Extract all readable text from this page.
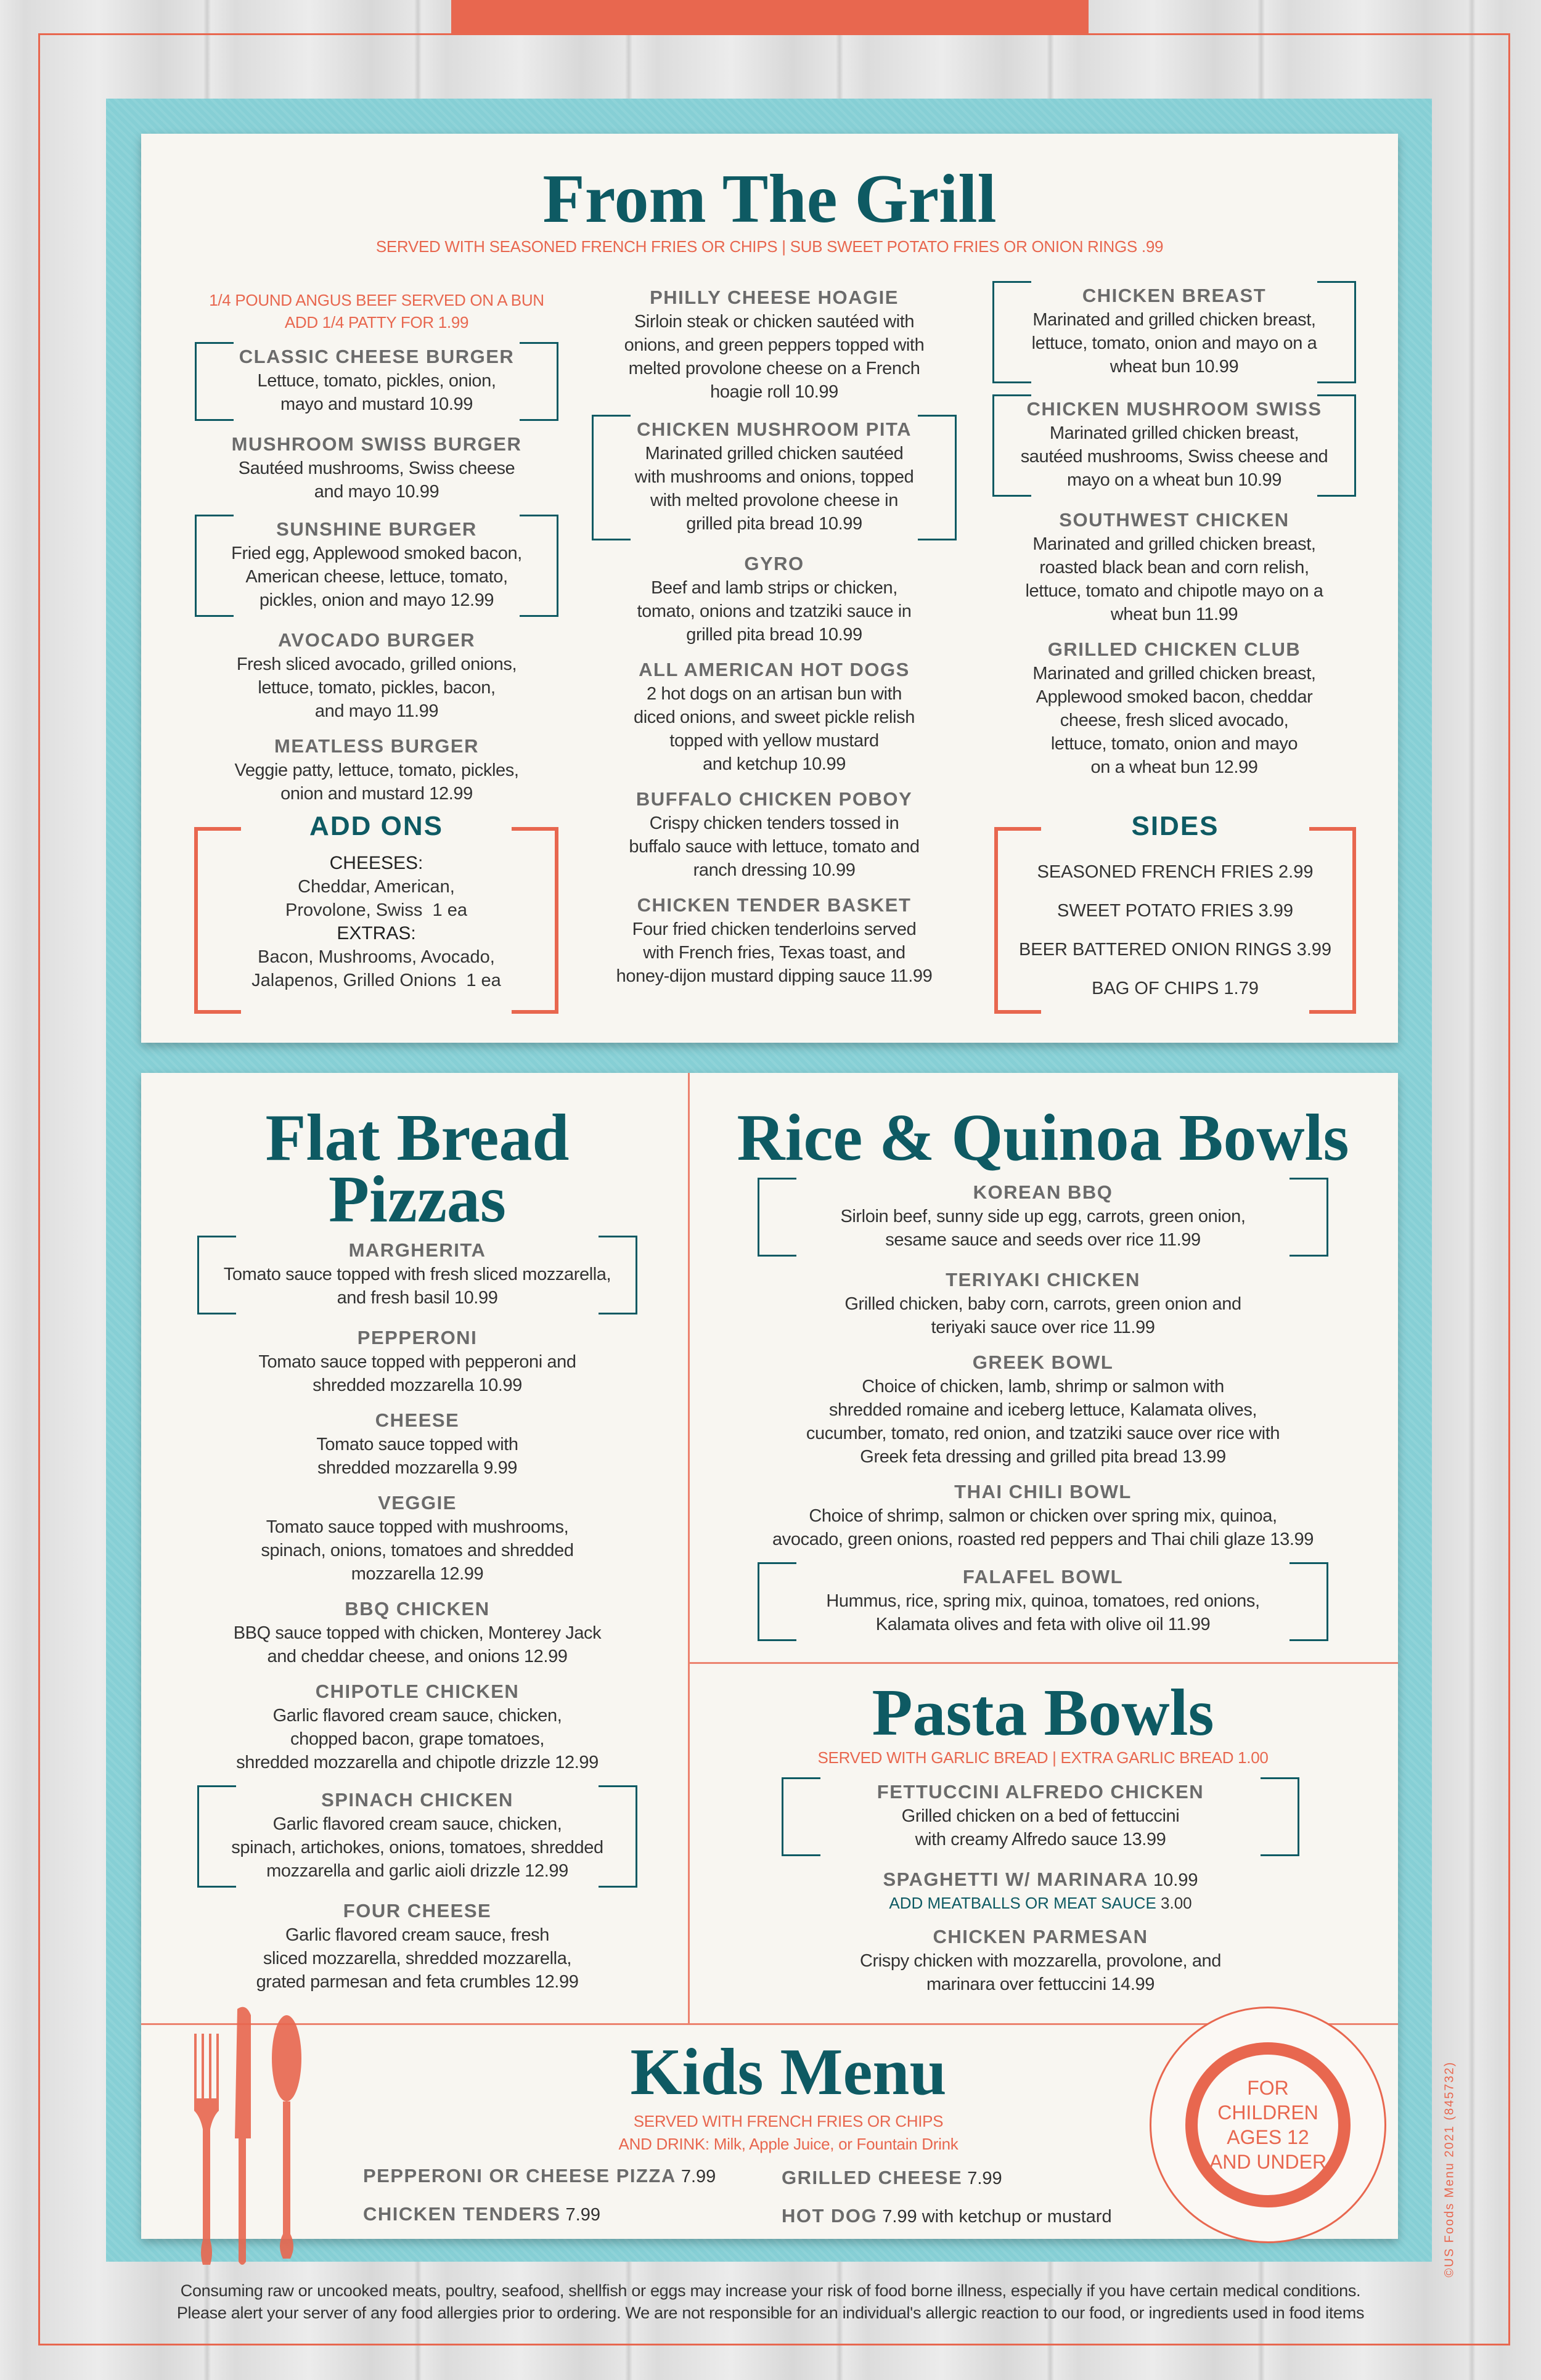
From The Grill
SERVED WITH SEASONED FRENCH FRIES OR CHIPS | SUB SWEET POTATO FRIES OR ONION RINGS .99
1/4 POUND ANGUS BEEF SERVED ON A BUN
ADD 1/4 PATTY FOR 1.99
CLASSIC CHEESE BURGER
Lettuce, tomato, pickles, onion,
mayo and mustard 10.99
MUSHROOM SWISS BURGER
Sautéed mushrooms, Swiss cheese
and mayo 10.99
SUNSHINE BURGER
Fried egg, Applewood smoked bacon,
American cheese, lettuce, tomato,
pickles, onion and mayo 12.99
AVOCADO BURGER
Fresh sliced avocado, grilled onions,
lettuce, tomato, pickles, bacon,
and mayo 11.99
MEATLESS BURGER
Veggie patty, lettuce, tomato, pickles,
onion and mustard 12.99
PHILLY CHEESE HOAGIE
Sirloin steak or chicken sautéed with
onions, and green peppers topped with
melted provolone cheese on a French
hoagie roll 10.99
CHICKEN MUSHROOM PITA
Marinated grilled chicken sautéed
with mushrooms and onions, topped
with melted provolone cheese in
grilled pita bread 10.99
GYRO
Beef and lamb strips or chicken,
tomato, onions and tzatziki sauce in
grilled pita bread 10.99
ALL AMERICAN HOT DOGS
2 hot dogs on an artisan bun with
diced onions, and sweet pickle relish
topped with yellow mustard
and ketchup 10.99
BUFFALO CHICKEN POBOY
Crispy chicken tenders tossed in
buffalo sauce with lettuce, tomato and
ranch dressing 10.99
CHICKEN TENDER BASKET
Four fried chicken tenderloins served
with French fries, Texas toast, and
honey-dijon mustard dipping sauce 11.99
CHICKEN BREAST
Marinated and grilled chicken breast,
lettuce, tomato, onion and mayo on a
wheat bun 10.99
CHICKEN MUSHROOM SWISS
Marinated grilled chicken breast,
sautéed mushrooms, Swiss cheese and
mayo on a wheat bun 10.99
SOUTHWEST CHICKEN
Marinated and grilled chicken breast,
roasted black bean and corn relish,
lettuce, tomato and chipotle mayo on a
wheat bun 11.99
GRILLED CHICKEN CLUB
Marinated and grilled chicken breast,
Applewood smoked bacon, cheddar
cheese, fresh sliced avocado,
lettuce, tomato, onion and mayo
on a wheat bun 12.99
ADD ONS
CHEESES:
Cheddar, American,
Provolone, Swiss  1 ea
EXTRAS:
Bacon, Mushrooms, Avocado,
Jalapenos, Grilled Onions  1 ea
SIDES
SEASONED FRENCH FRIES 2.99
SWEET POTATO FRIES 3.99
BEER BATTERED ONION RINGS 3.99
BAG OF CHIPS 1.79
Flat Bread
Pizzas
MARGHERITA
Tomato sauce topped with fresh sliced mozzarella,
and fresh basil 10.99
PEPPERONI
Tomato sauce topped with pepperoni and
shredded mozzarella 10.99
CHEESE
Tomato sauce topped with
shredded mozzarella 9.99
VEGGIE
Tomato sauce topped with mushrooms,
spinach, onions, tomatoes and shredded
mozzarella 12.99
BBQ CHICKEN
BBQ sauce topped with chicken, Monterey Jack
and cheddar cheese, and onions 12.99
CHIPOTLE CHICKEN
Garlic flavored cream sauce, chicken,
chopped bacon, grape tomatoes,
shredded mozzarella and chipotle drizzle 12.99
SPINACH CHICKEN
Garlic flavored cream sauce, chicken,
spinach, artichokes, onions, tomatoes, shredded
mozzarella and garlic aioli drizzle 12.99
FOUR CHEESE
Garlic flavored cream sauce, fresh
sliced mozzarella, shredded mozzarella,
grated parmesan and feta crumbles 12.99
Rice & Quinoa Bowls
KOREAN BBQ
Sirloin beef, sunny side up egg, carrots, green onion,
sesame sauce and seeds over rice 11.99
TERIYAKI CHICKEN
Grilled chicken, baby corn, carrots, green onion and
teriyaki sauce over rice 11.99
GREEK BOWL
Choice of chicken, lamb, shrimp or salmon with
shredded romaine and iceberg lettuce, Kalamata olives,
cucumber, tomato, red onion, and tzatziki sauce over rice with
Greek feta dressing and grilled pita bread 13.99
THAI CHILI BOWL
Choice of shrimp, salmon or chicken over spring mix, quinoa,
avocado, green onions, roasted red peppers and Thai chili glaze 13.99
FALAFEL BOWL
Hummus, rice, spring mix, quinoa, tomatoes, red onions,
Kalamata olives and feta with olive oil 11.99
Pasta Bowls
SERVED WITH GARLIC BREAD | EXTRA GARLIC BREAD 1.00
FETTUCCINI ALFREDO CHICKEN
Grilled chicken on a bed of fettuccini
with creamy Alfredo sauce 13.99
SPAGHETTI W/ MARINARA 10.99
ADD MEATBALLS OR MEAT SAUCE 3.00
CHICKEN PARMESAN
Crispy chicken with mozzarella, provolone, and
marinara over fettuccini 14.99
Kids Menu
SERVED WITH FRENCH FRIES OR CHIPS
AND DRINK: Milk, Apple Juice, or Fountain Drink
PEPPERONI OR CHEESE PIZZA 7.99
CHICKEN TENDERS 7.99
GRILLED CHEESE 7.99
HOT DOG 7.99 with ketchup or mustard
FOR
CHILDREN
AGES 12
AND UNDER	©US Foods Menu 2021 (845732)
Consuming raw or uncooked meats, poultry, seafood, shellfish or eggs may increase your risk of food borne illness, especially if you have certain medical conditions.
Please alert your server of any food allergies prior to ordering. We are not responsible for an individual's allergic reaction to our food, or ingredients used in food items
